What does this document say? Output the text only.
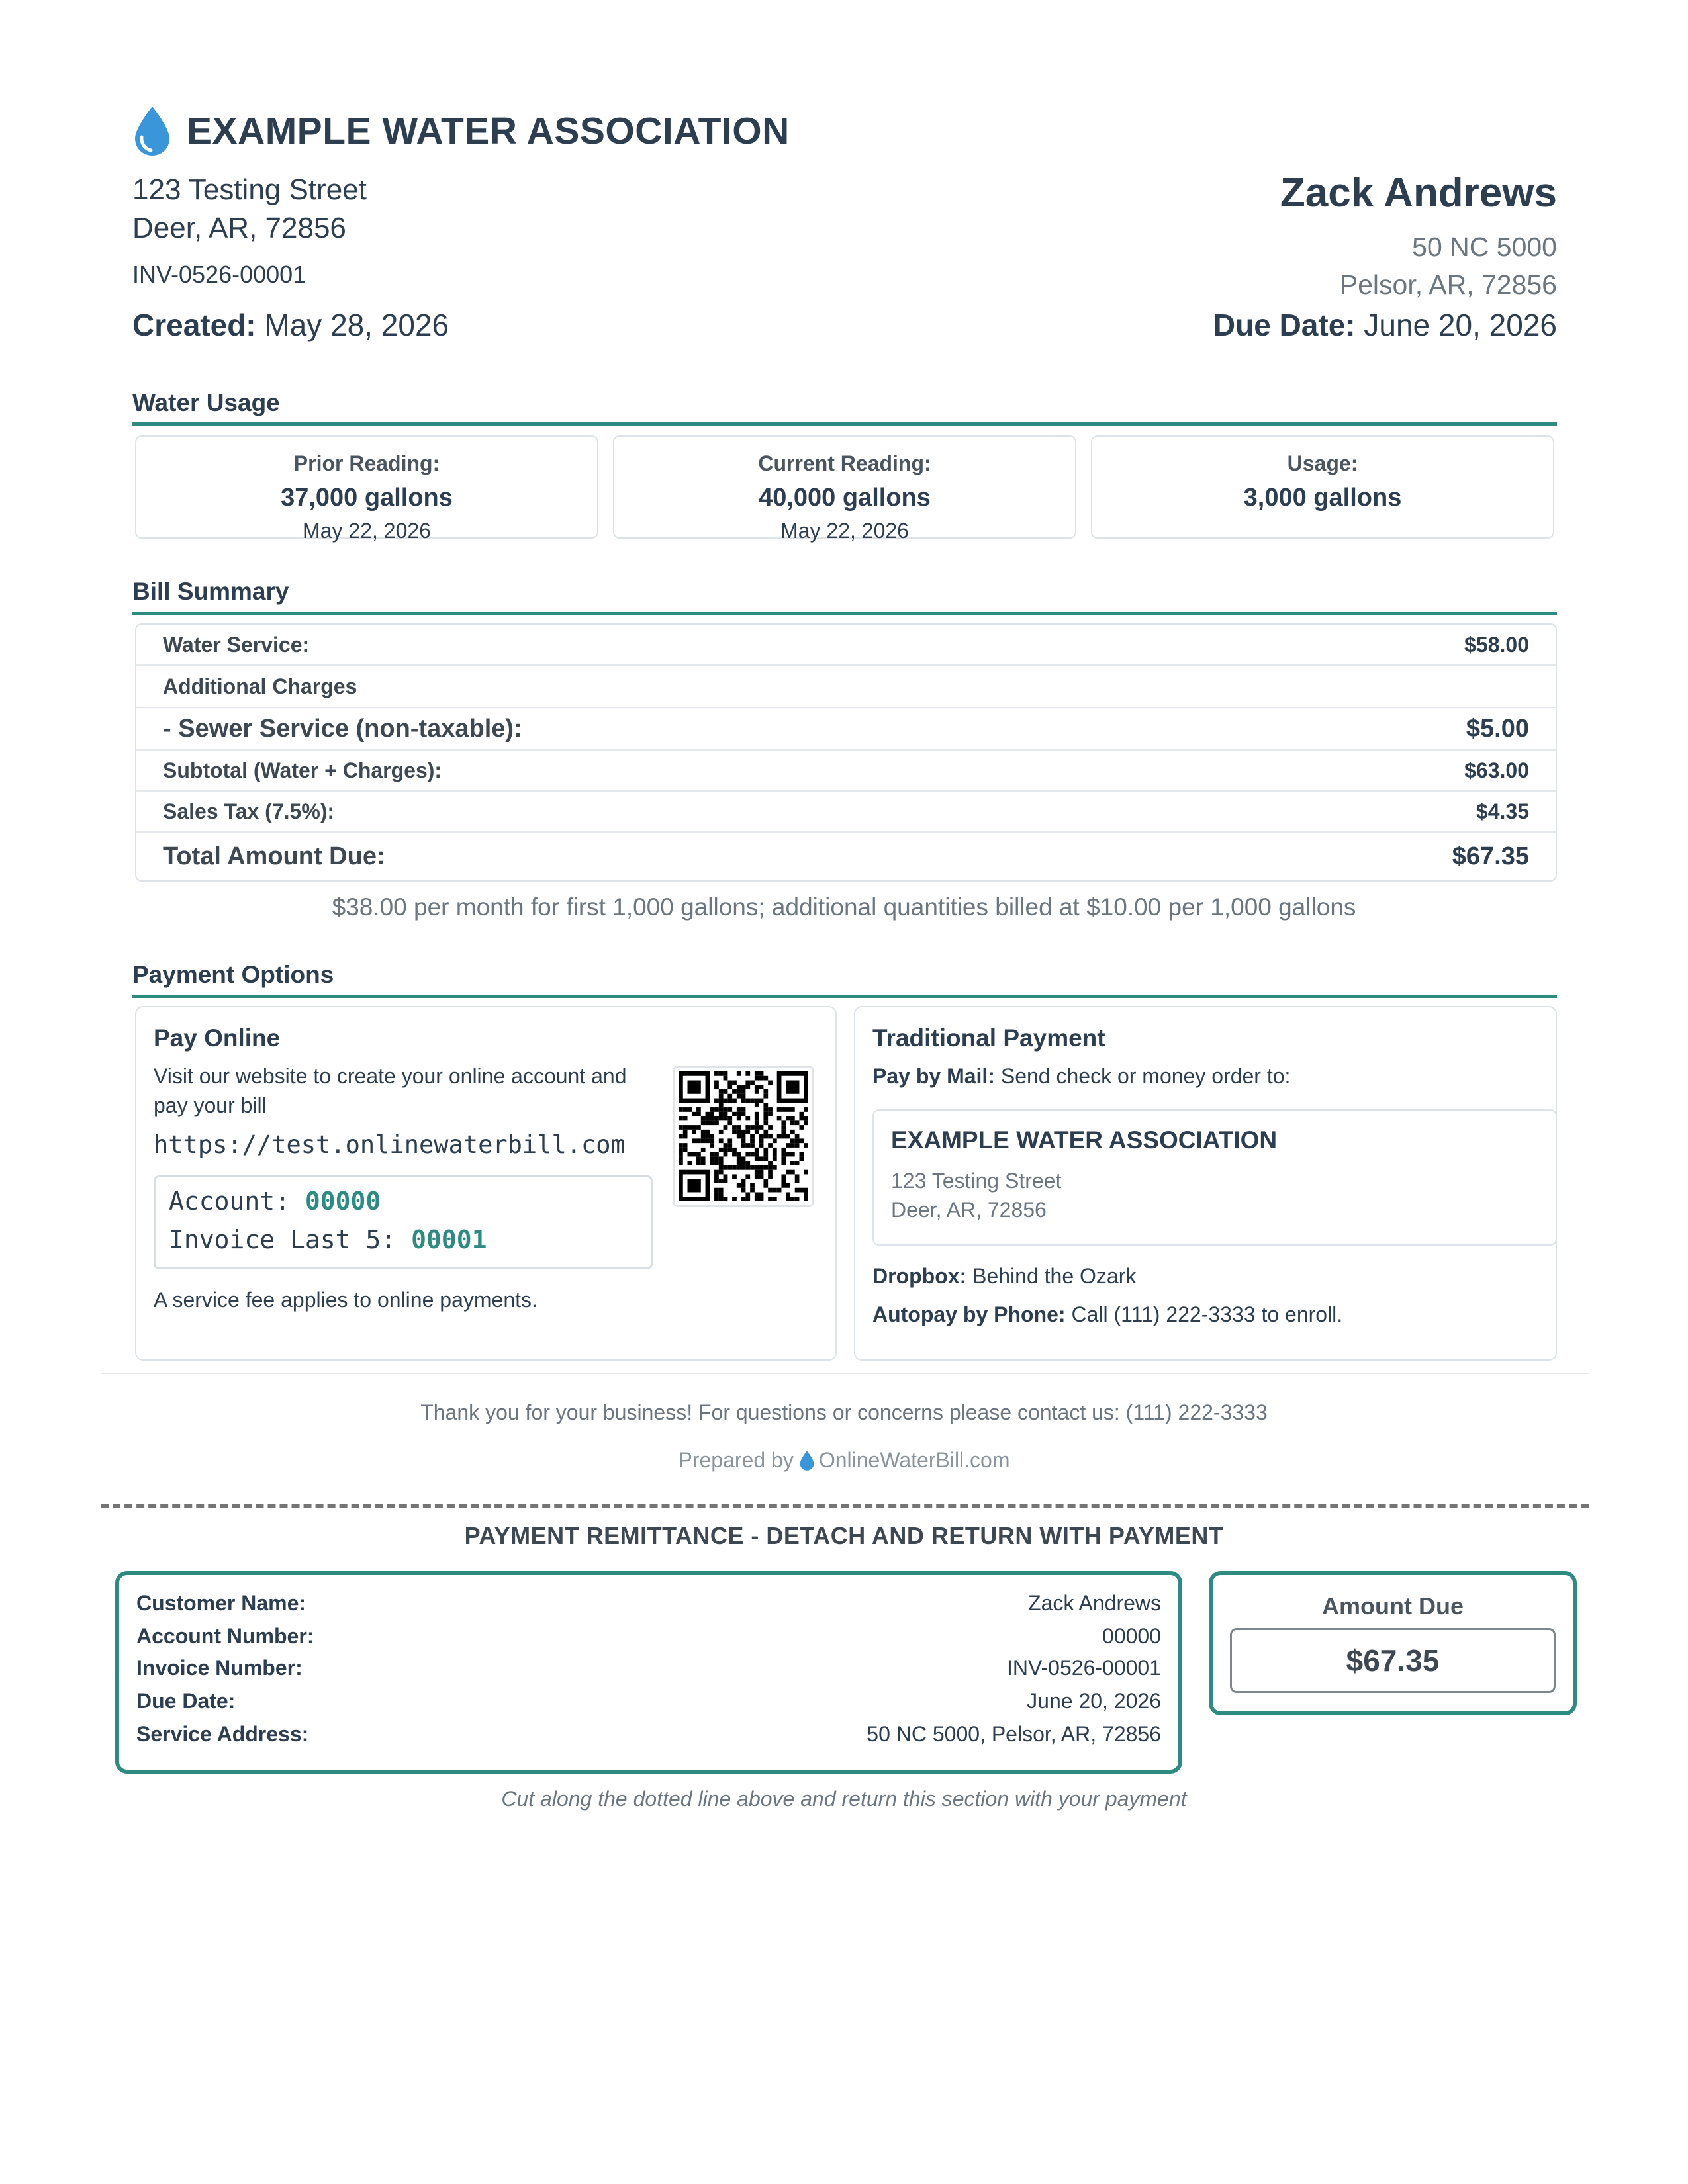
EXAMPLE WATER ASSOCIATION
123 Testing Street
Deer, AR, 72856
INV-0526-00001
Created: May 28, 2026
Zack Andrews
50 NC 5000
Pelsor, AR, 72856
Due Date: June 20, 2026
Water Usage
Prior Reading:
37,000 gallons
May 22, 2026
Current Reading:
40,000 gallons
May 22, 2026
Usage:
3,000 gallons
Bill Summary
Water Service:	$58.00
Additional Charges
- Sewer Service (non-taxable):	$5.00
Subtotal (Water + Charges):	$63.00
Sales Tax (7.5%):	$4.35
Total Amount Due:	$67.35
$38.00 per month for first 1,000 gallons; additional quantities billed at $10.00 per 1,000 gallons
Payment Options
Pay Online
Visit our website to create your online account and
pay your bill
https://test.onlinewaterbill.com
Account: 00000
Invoice Last 5: 00001
A service fee applies to online payments.
Traditional Payment
Pay by Mail: Send check or money order to:
EXAMPLE WATER ASSOCIATION
123 Testing Street
Deer, AR, 72856
Dropbox: Behind the Ozark
Autopay by Phone: Call (111) 222-3333 to enroll.
Thank you for your business! For questions or concerns please contact us: (111) 222-3333
Prepared by OnlineWaterBill.com
PAYMENT REMITTANCE - DETACH AND RETURN WITH PAYMENT
Customer Name:	Zack Andrews
Account Number:	00000
Invoice Number:	INV-0526-00001
Due Date:	June 20, 2026
Service Address:	50 NC 5000, Pelsor, AR, 72856
Amount Due
$67.35
Cut along the dotted line above and return this section with your payment
